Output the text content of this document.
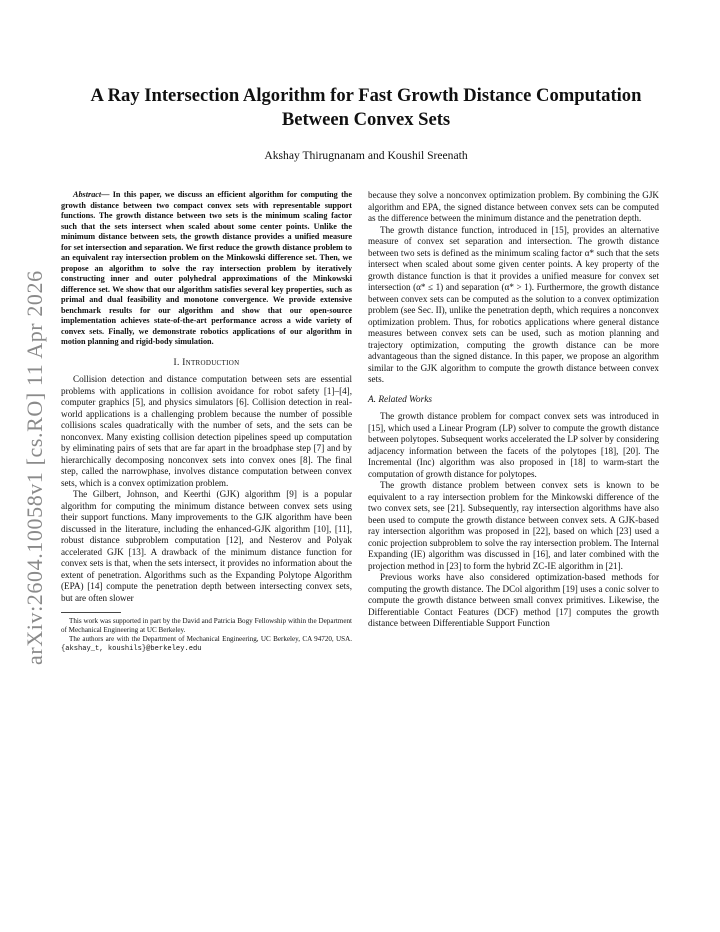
arXiv:2604.10058v1 [cs.RO] 11 Apr 2026
A Ray Intersection Algorithm for Fast Growth Distance Computation Between Convex Sets
Akshay Thirugnanam and Koushil Sreenath

Abstract— In this paper, we discuss an efficient algorithm for computing the growth distance between two compact convex sets with representable support functions. The growth distance between two sets is the minimum scaling factor such that the sets intersect when scaled about some center points. Unlike the minimum distance between sets, the growth distance provides a unified measure for set intersection and separation. We first reduce the growth distance problem to an equivalent ray intersection problem on the Minkowski difference set. Then, we propose an algorithm to solve the ray intersection problem by iteratively constructing inner and outer polyhedral approximations of the Minkowski difference set. We show that our algorithm satisfies several key properties, such as primal and dual feasibility and monotone convergence. We provide extensive benchmark results for our algorithm and show that our open-source implementation achieves state-of-the-art performance across a wide variety of convex sets. Finally, we demonstrate robotics applications of our algorithm in motion planning and rigid-body simulation.

I. Introduction

Collision detection and distance computation between sets are essential problems with applications in collision avoidance for robot safety [1]–[4], computer graphics [5], and physics simulators [6]. Collision detection in real-world applications is a challenging problem because the number of possible collisions scales quadratically with the number of sets, and the sets can be nonconvex. Many existing collision detection pipelines speed up computation by eliminating pairs of sets that are far apart in the broadphase step [7] and by hierarchically decomposing nonconvex sets into convex ones [8]. The final step, called the narrowphase, involves distance computation between convex sets, which is a convex optimization problem.

The Gilbert, Johnson, and Keerthi (GJK) algorithm [9] is a popular algorithm for computing the minimum distance between convex sets using their support functions. Many improvements to the GJK algorithm have been discussed in the literature, including the enhanced-GJK algorithm [10], [11], robust distance subproblem computation [12], and Nesterov and Polyak accelerated GJK [13]. A drawback of the minimum distance function for convex sets is that, when the sets intersect, it provides no information about the extent of penetration. Algorithms such as the Expanding Polytope Algorithm (EPA) [14] compute the penetration depth between intersecting convex sets, but are often slower

This work was supported in part by the David and Patricia Bogy Fellowship within the Department of Mechanical Engineering at UC Berkeley.

The authors are with the Department of Mechanical Engineering, UC Berkeley, CA 94720, USA. {akshay_t, koushils}@berkeley.edu

because they solve a nonconvex optimization problem. By combining the GJK algorithm and EPA, the signed distance between convex sets can be computed as the difference between the minimum distance and the penetration depth.

The growth distance function, introduced in [15], provides an alternative measure of convex set separation and intersection. The growth distance between two sets is defined as the minimum scaling factor α* such that the sets intersect when scaled about some given center points. A key property of the growth distance function is that it provides a unified measure for convex set intersection (α* ≤ 1) and separation (α* > 1). Furthermore, the growth distance between convex sets can be computed as the solution to a convex optimization problem (see Sec. II), unlike the penetration depth, which requires a nonconvex optimization problem. Thus, for robotics applications where general distance measures between convex sets can be used, such as motion planning and trajectory optimization, computing the growth distance can be more advantageous than the signed distance. In this paper, we propose an algorithm similar to the GJK algorithm to compute the growth distance between convex sets.

A. Related Works

The growth distance problem for compact convex sets was introduced in [15], which used a Linear Program (LP) solver to compute the growth distance between polytopes. Subsequent works accelerated the LP solver by considering adjacency information between the facets of the polytopes [18], [20]. The Incremental (Inc) algorithm was also proposed in [18] to warm-start the computation of growth distance for polytopes.

The growth distance problem between convex sets is known to be equivalent to a ray intersection problem for the Minkowski difference of the two convex sets, see [21]. Subsequently, ray intersection algorithms have also been used to compute the growth distance between convex sets. A GJK-based ray intersection algorithm was proposed in [22], based on which [23] used a conic projection subproblem to solve the ray intersection problem. The Internal Expanding (IE) algorithm was discussed in [16], and later combined with the projection method in [23] to form the hybrid ZC-IE algorithm in [21].

Previous works have also considered optimization-based methods for computing the growth distance. The DCol algorithm [19] uses a conic solver to compute the growth distance between small convex primitives. Likewise, the Differentiable Contact Features (DCF) method [17] computes the growth distance between Differentiable Support Function
